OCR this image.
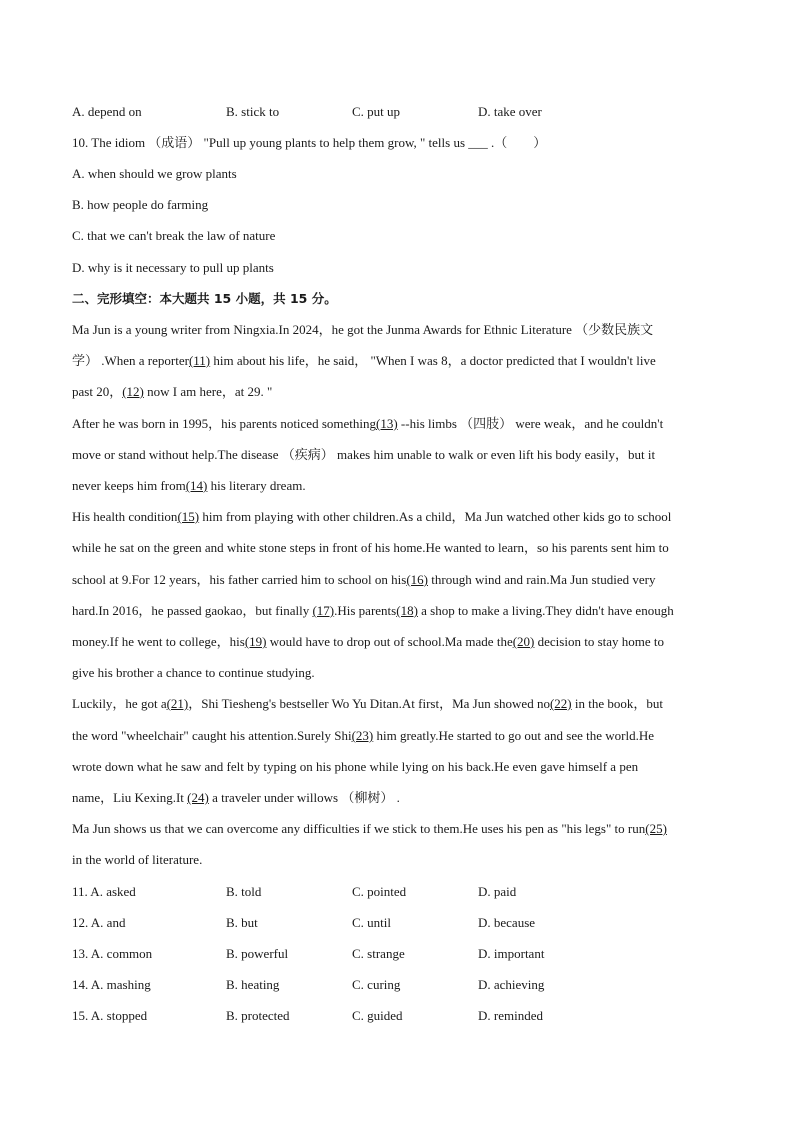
A. depend on	B. stick to	C. put up	D. take over
10. The idiom （成语） "Pull up young plants to help them grow, " tells us ___ .（　　）
A. when should we grow plants
B. how people do farming
C. that we can't break the law of nature
D. why is it necessary to pull up plants
二、完形填空：本大题共 15 小题，共 15 分。
Ma Jun is a young writer from Ningxia.In 2024，he got the Junma Awards for Ethnic Literature （少数民族文
学） .When a reporter(11) him about his life，he said， "When I was 8，a doctor predicted that I wouldn't live
past 20，(12) now I am here，at 29. "
After he was born in 1995，his parents noticed something(13) --his limbs （四肢） were weak，and he couldn't
move or stand without help.The disease （疾病） makes him unable to walk or even lift his body easily，but it
never keeps him from(14) his literary dream.
His health condition(15) him from playing with other children.As a child，Ma Jun watched other kids go to school
while he sat on the green and white stone steps in front of his home.He wanted to learn，so his parents sent him to
school at 9.For 12 years，his father carried him to school on his(16) through wind and rain.Ma Jun studied very
hard.In 2016，he passed gaokao，but finally (17).His parents(18) a shop to make a living.They didn't have enough
money.If he went to college，his(19) would have to drop out of school.Ma made the(20) decision to stay home to
give his brother a chance to continue studying.
Luckily，he got a(21)，Shi Tiesheng's bestseller Wo Yu Ditan.At first，Ma Jun showed no(22) in the book，but
the word "wheelchair" caught his attention.Surely Shi(23) him greatly.He started to go out and see the world.He
wrote down what he saw and felt by typing on his phone while lying on his back.He even gave himself a pen
name，Liu Kexing.It (24) a traveler under willows （柳树） .
Ma Jun shows us that we can overcome any difficulties if we stick to them.He uses his pen as "his legs" to run(25)
in the world of literature.
11. A. asked	B. told	C. pointed	D. paid
12. A. and	B. but	C. until	D. because
13. A. common	B. powerful	C. strange	D. important
14. A. mashing	B. heating	C. curing	D. achieving
15. A. stopped	B. protected	C. guided	D. reminded
